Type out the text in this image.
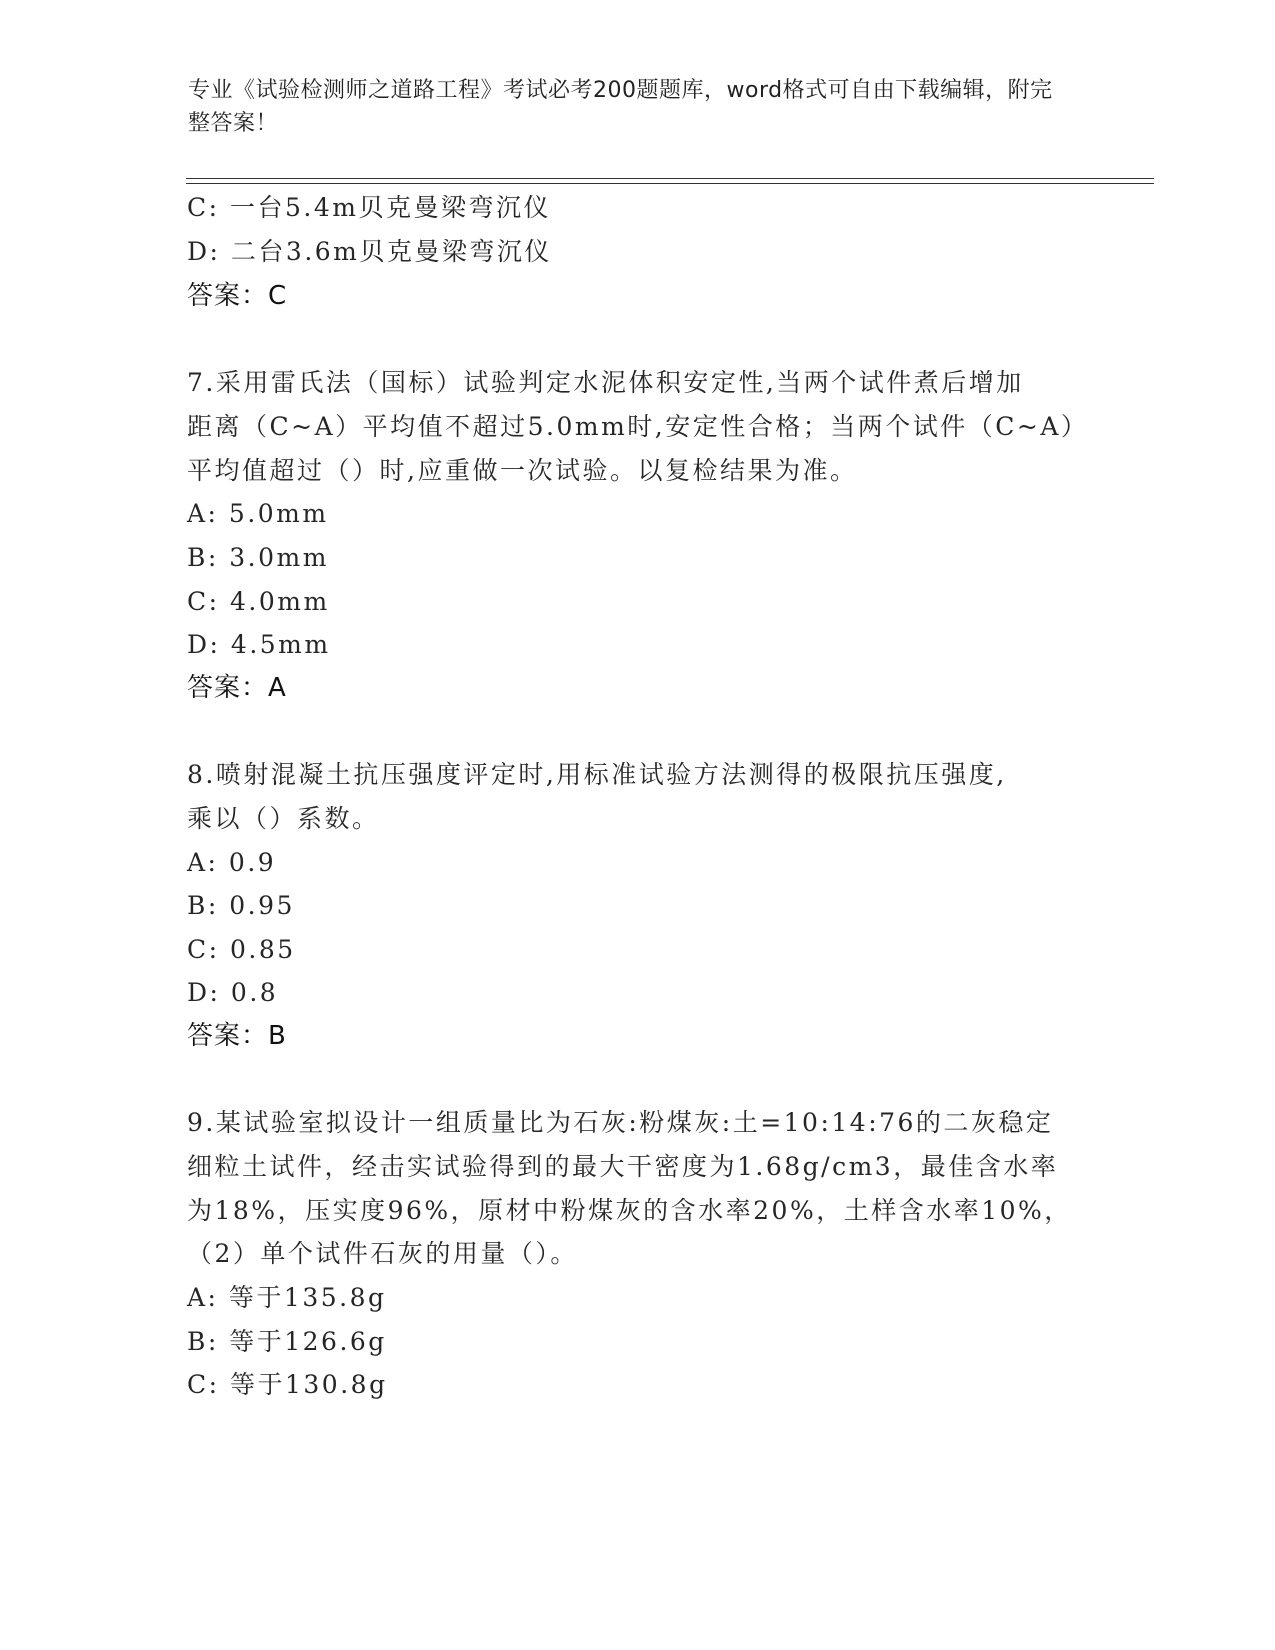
专业《试验检测师之道路工程》考试必考200题题库，word格式可自由下载编辑，附完整答案！
C: 一台5.4m贝克曼梁弯沉仪
D: 二台3.6m贝克曼梁弯沉仪
答案：C
7.采用雷氏法（国标）试验判定水泥体积安定性,当两个试件煮后增加
距离（C~A）平均值不超过5.0mm时,安定性合格；当两个试件（C~A）
平均值超过（）时,应重做一次试验。以复检结果为准。
A: 5.0mm
B: 3.0mm
C: 4.0mm
D: 4.5mm
答案：A
8.喷射混凝土抗压强度评定时,用标准试验方法测得的极限抗压强度,
乘以（）系数。
A: 0.9
B: 0.95
C: 0.85
D: 0.8
答案：B
9.某试验室拟设计一组质量比为石灰:粉煤灰:土=10:14:76的二灰稳定
细粒土试件，经击实试验得到的最大干密度为1.68g/cm3，最佳含水率
为18%，压实度96%，原材中粉煤灰的含水率20%，土样含水率10%，
（2）单个试件石灰的用量（）。
A: 等于135.8g
B: 等于126.6g
C: 等于130.8g
